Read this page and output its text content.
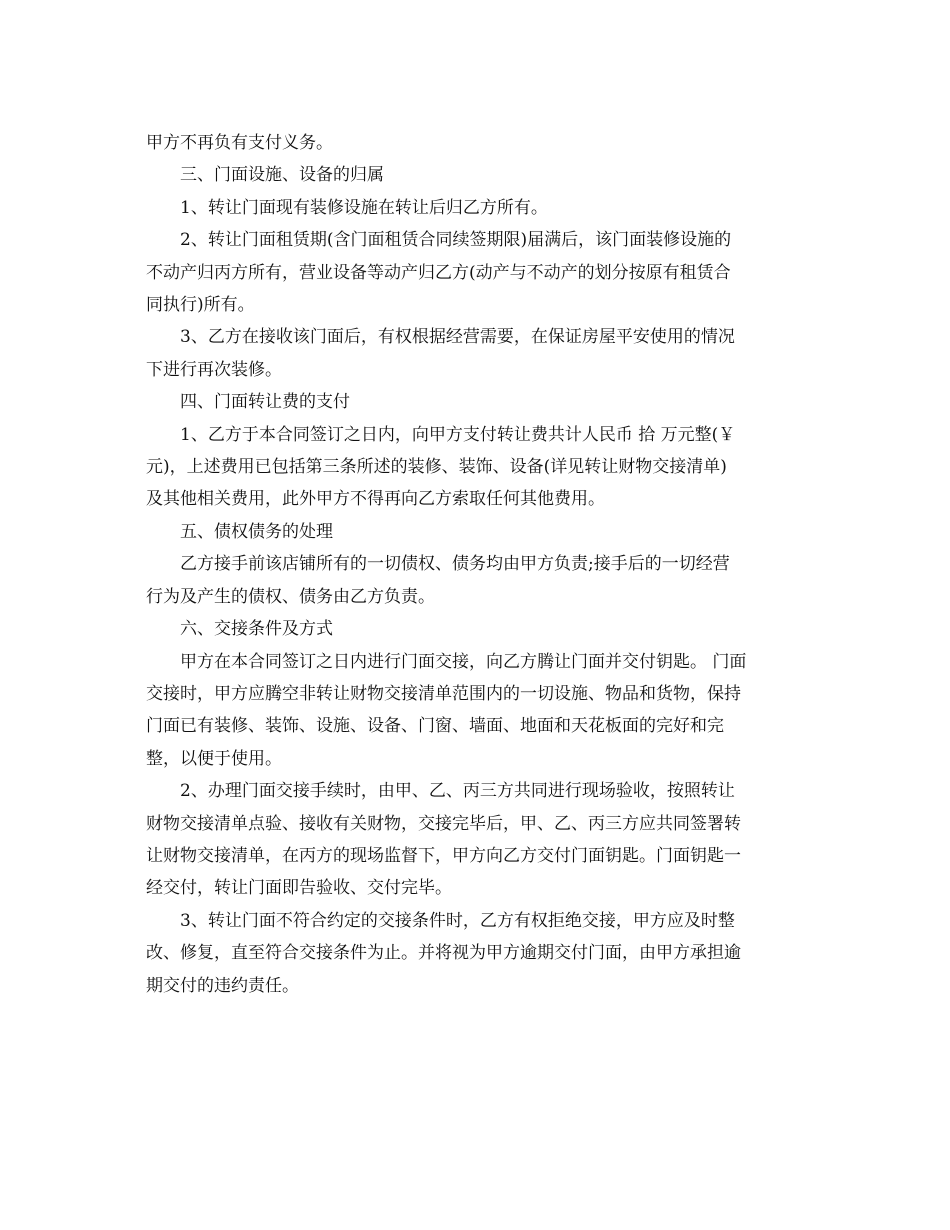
甲方不再负有支付义务。
三、门面设施、设备的归属
1、转让门面现有装修设施在转让后归乙方所有。
2、转让门面租赁期(含门面租赁合同续签期限)届满后，该门面装修设施的
不动产归丙方所有，营业设备等动产归乙方(动产与不动产的划分按原有租赁合
同执行)所有。
3、乙方在接收该门面后，有权根据经营需要，在保证房屋平安使用的情况
下进行再次装修。
四、门面转让费的支付
1、乙方于本合同签订之日内，向甲方支付转让费共计人民币 拾 万元整(￥
元)，上述费用已包括第三条所述的装修、装饰、设备(详见转让财物交接清单)
及其他相关费用，此外甲方不得再向乙方索取任何其他费用。
五、债权债务的处理
乙方接手前该店铺所有的一切债权、债务均由甲方负责;接手后的一切经营
行为及产生的债权、债务由乙方负责。
六、交接条件及方式
甲方在本合同签订之日内进行门面交接，向乙方腾让门面并交付钥匙。 门面
交接时，甲方应腾空非转让财物交接清单范围内的一切设施、物品和货物，保持
门面已有装修、装饰、设施、设备、门窗、墙面、地面和天花板面的完好和完
整，以便于使用。
2、办理门面交接手续时，由甲、乙、丙三方共同进行现场验收，按照转让
财物交接清单点验、接收有关财物，交接完毕后，甲、乙、丙三方应共同签署转
让财物交接清单，在丙方的现场监督下，甲方向乙方交付门面钥匙。门面钥匙一
经交付，转让门面即告验收、交付完毕。
3、转让门面不符合约定的交接条件时，乙方有权拒绝交接，甲方应及时整
改、修复，直至符合交接条件为止。并将视为甲方逾期交付门面，由甲方承担逾
期交付的违约责任。
